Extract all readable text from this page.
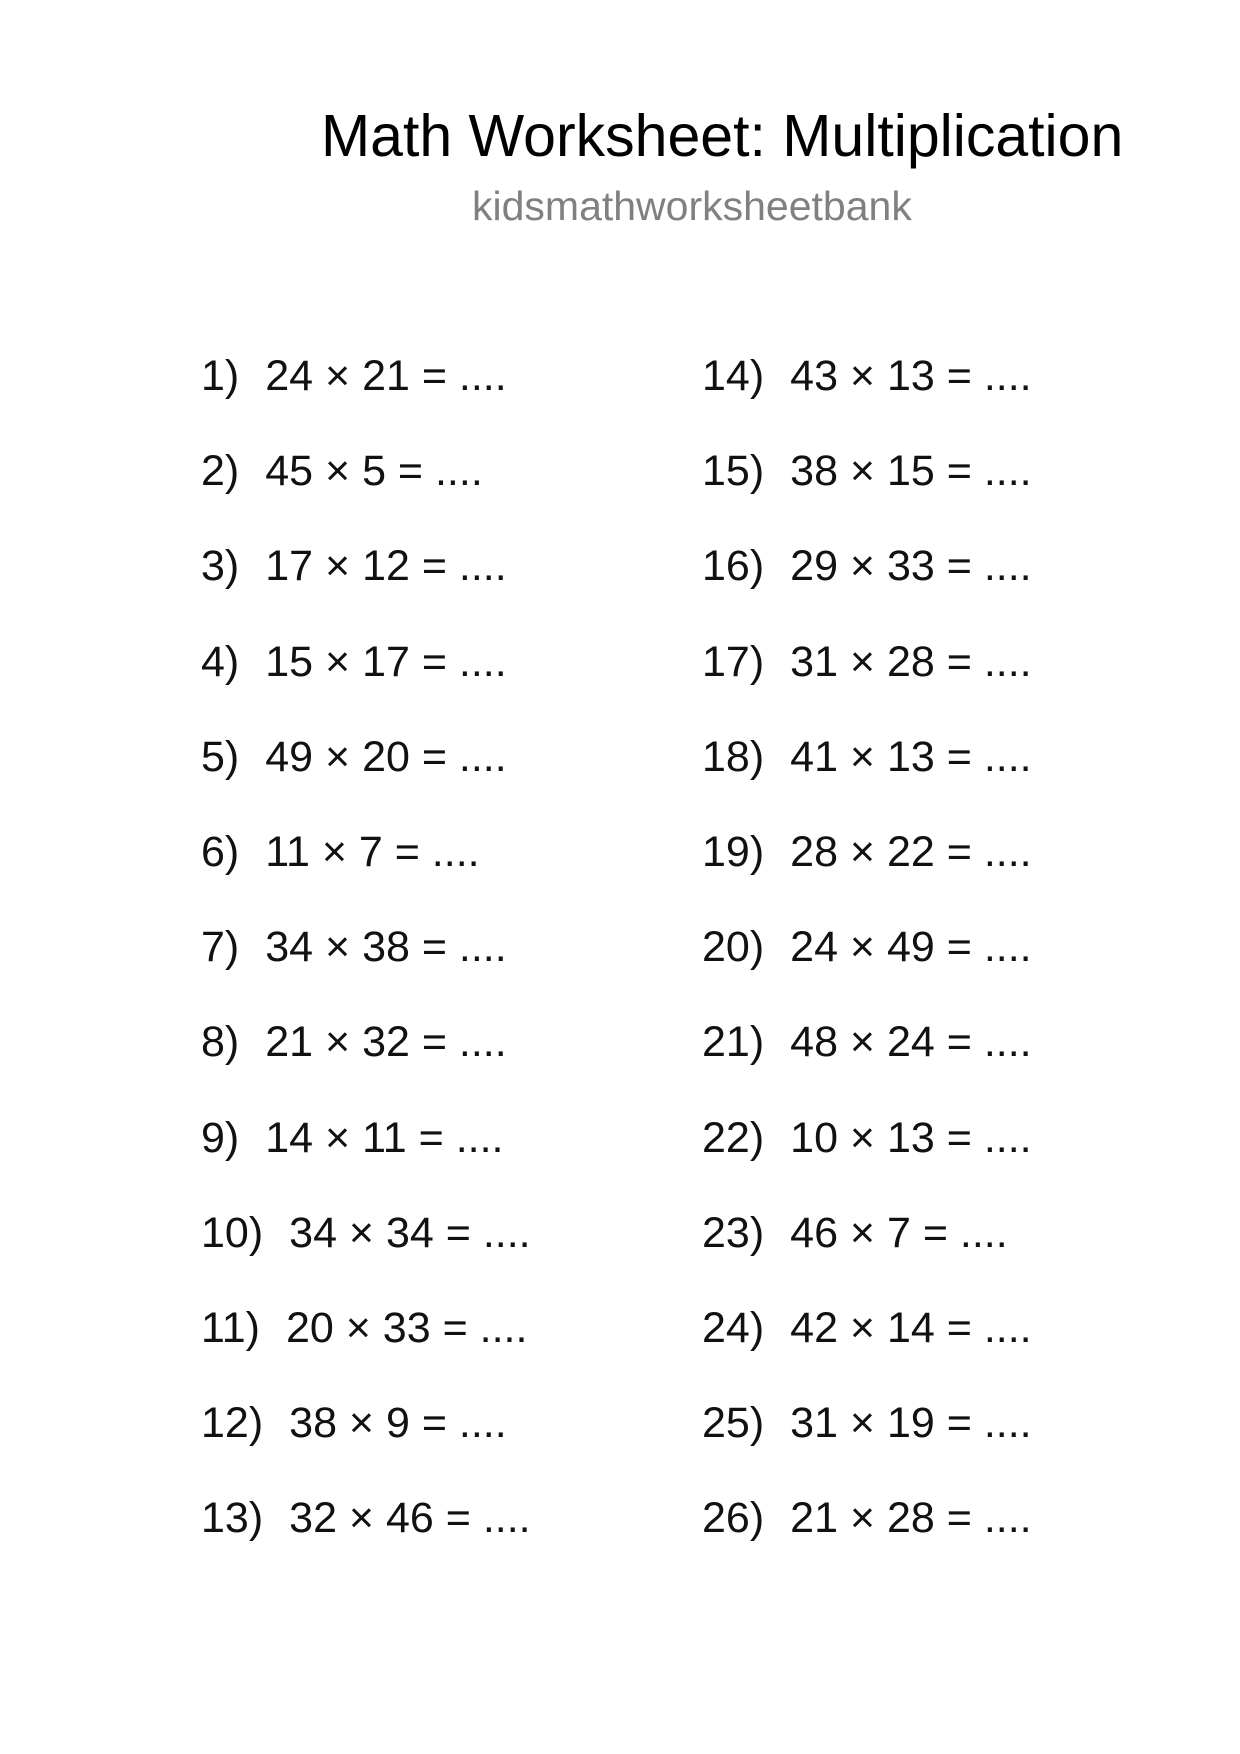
Math Worksheet: Multiplication
kidsmathworksheetbank
1) 24 × 21 = ....
2) 45 × 5 = ....
3) 17 × 12 = ....
4) 15 × 17 = ....
5) 49 × 20 = ....
6) 11 × 7 = ....
7) 34 × 38 = ....
8) 21 × 32 = ....
9) 14 × 11 = ....
10) 34 × 34 = ....
11) 20 × 33 = ....
12) 38 × 9 = ....
13) 32 × 46 = ....
14) 43 × 13 = ....
15) 38 × 15 = ....
16) 29 × 33 = ....
17) 31 × 28 = ....
18) 41 × 13 = ....
19) 28 × 22 = ....
20) 24 × 49 = ....
21) 48 × 24 = ....
22) 10 × 13 = ....
23) 46 × 7 = ....
24) 42 × 14 = ....
25) 31 × 19 = ....
26) 21 × 28 = ....
